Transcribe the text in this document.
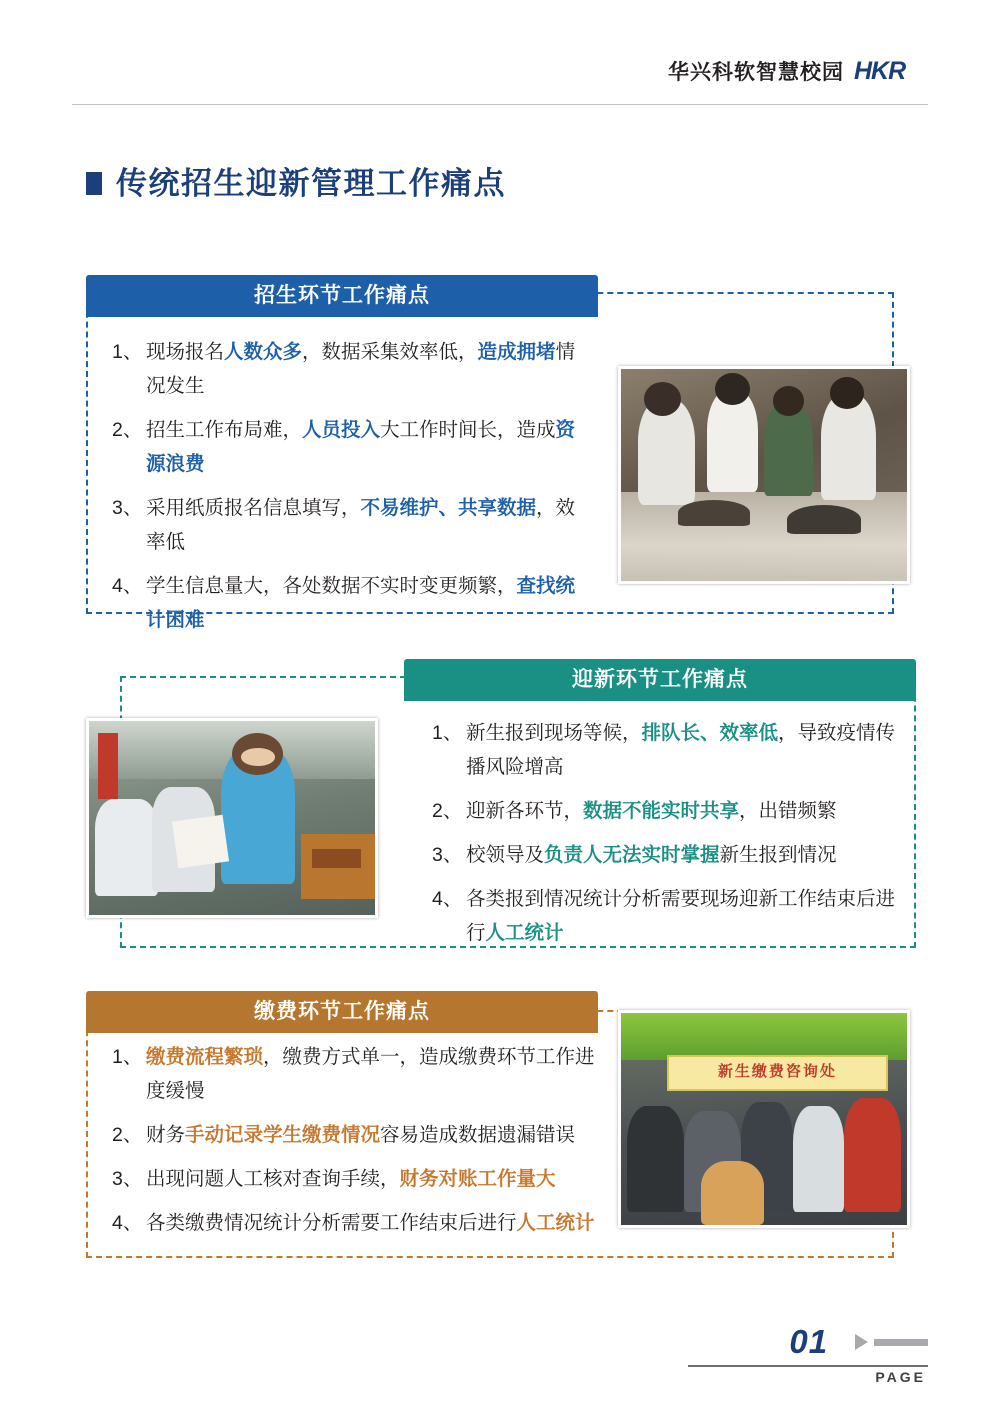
华兴科软智慧校园 HKR
传统招生迎新管理工作痛点
招生环节工作痛点
1、 现场报名人数众多，数据采集效率低，造成拥堵情况发生
2、 招生工作布局难，人员投入大工作时间长，造成资源浪费
3、 采用纸质报名信息填写，不易维护、共享数据，效率低
4、 学生信息量大，各处数据不实时变更频繁，查找统计困难
迎新环节工作痛点
1、 新生报到现场等候，排队长、效率低，导致疫情传播风险增高
2、 迎新各环节，数据不能实时共享，出错频繁
3、 校领导及负责人无法实时掌握新生报到情况
4、 各类报到情况统计分析需要现场迎新工作结束后进行人工统计
缴费环节工作痛点
1、 缴费流程繁琐，缴费方式单一，造成缴费环节工作进度缓慢
2、 财务手动记录学生缴费情况容易造成数据遗漏错误
3、 出现问题人工核对查询手续，财务对账工作量大
4、 各类缴费情况统计分析需要工作结束后进行人工统计
新生缴费咨询处
01
PAGE
